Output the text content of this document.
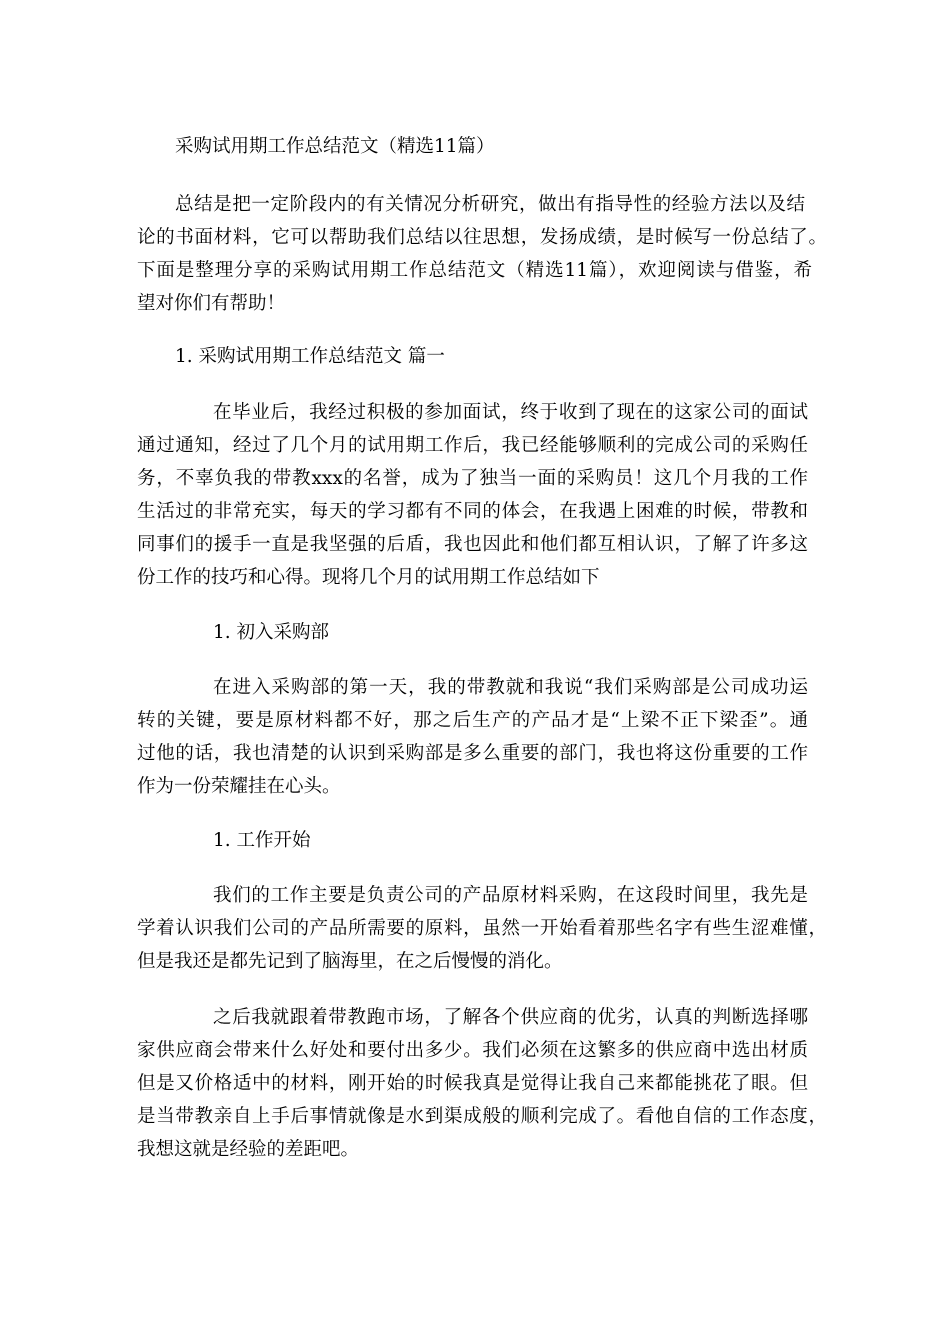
采购试用期工作总结范文（精选11篇）

总结是把一定阶段内的有关情况分析研究，做出有指导性的经验方法以及结

论的书面材料，它可以帮助我们总结以往思想，发扬成绩，是时候写一份总结了。

下面是整理分享的采购试用期工作总结范文（精选11篇），欢迎阅读与借鉴，希

望对你们有帮助！

1. 采购试用期工作总结范文 篇一

在毕业后，我经过积极的参加面试，终于收到了现在的这家公司的面试

通过通知，经过了几个月的试用期工作后，我已经能够顺利的完成公司的采购任

务，不辜负我的带教xxx的名誉，成为了独当一面的采购员！这几个月我的工作

生活过的非常充实，每天的学习都有不同的体会，在我遇上困难的时候，带教和

同事们的援手一直是我坚强的后盾，我也因此和他们都互相认识，了解了许多这

份工作的技巧和心得。现将几个月的试用期工作总结如下

1. 初入采购部

在进入采购部的第一天，我的带教就和我说“我们采购部是公司成功运

转的关键，要是原材料都不好，那之后生产的产品才是“上梁不正下梁歪”。通

过他的话，我也清楚的认识到采购部是多么重要的部门，我也将这份重要的工作

作为一份荣耀挂在心头。

1. 工作开始

我们的工作主要是负责公司的产品原材料采购，在这段时间里，我先是

学着认识我们公司的产品所需要的原料，虽然一开始看着那些名字有些生涩难懂，

但是我还是都先记到了脑海里，在之后慢慢的消化。

之后我就跟着带教跑市场，了解各个供应商的优劣，认真的判断选择哪

家供应商会带来什么好处和要付出多少。我们必须在这繁多的供应商中选出材质

但是又价格适中的材料，刚开始的时候我真是觉得让我自己来都能挑花了眼。但

是当带教亲自上手后事情就像是水到渠成般的顺利完成了。看他自信的工作态度，

我想这就是经验的差距吧。
